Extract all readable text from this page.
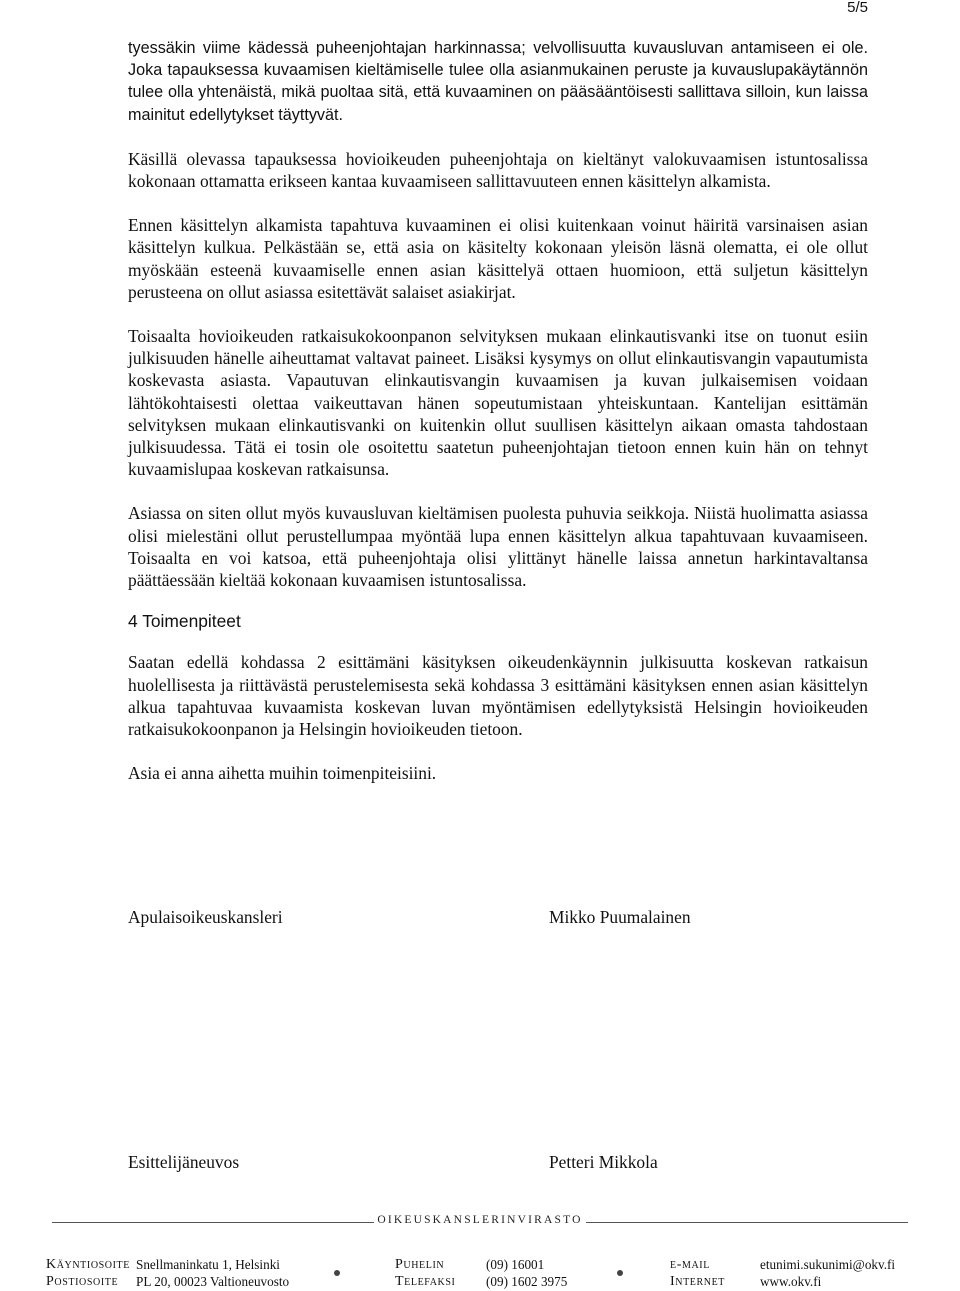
5/5

tyessäkin viime kädessä puheenjohtajan harkinnassa; velvollisuutta kuvausluvan antamiseen ei ole. Joka tapauksessa kuvaamisen kieltämiselle tulee olla asianmukainen peruste ja kuvauslupakäytännön tulee olla yhtenäistä, mikä puoltaa sitä, että kuvaaminen on pääsääntöisesti sallittava silloin, kun laissa mainitut edellytykset täyttyvät.

Käsillä olevassa tapauksessa hovioikeuden puheenjohtaja on kieltänyt valokuvaamisen istuntosalissa kokonaan ottamatta erikseen kantaa kuvaamiseen sallittavuuteen ennen käsittelyn alkamista.

Ennen käsittelyn alkamista tapahtuva kuvaaminen ei olisi kuitenkaan voinut häiritä varsinaisen asian käsittelyn kulkua. Pelkästään se, että asia on käsitelty kokonaan yleisön läsnä olematta, ei ole ollut myöskään esteenä kuvaamiselle ennen asian käsittelyä ottaen huomioon, että suljetun käsittelyn perusteena on ollut asiassa esitettävät salaiset asiakirjat.

Toisaalta hovioikeuden ratkaisukokoonpanon selvityksen mukaan elinkautisvanki itse on tuonut esiin julkisuuden hänelle aiheuttamat valtavat paineet. Lisäksi kysymys on ollut elinkautisvangin vapautumista koskevasta asiasta. Vapautuvan elinkautisvangin kuvaamisen ja kuvan julkaisemisen voidaan lähtökohtaisesti olettaa vaikeuttavan hänen sopeutumistaan yhteiskuntaan. Kantelijan esittämän selvityksen mukaan elinkautisvanki on kuitenkin ollut suullisen käsittelyn aikaan omasta tahdostaan julkisuudessa. Tätä ei tosin ole osoitettu saatetun puheenjohtajan tietoon ennen kuin hän on tehnyt kuvaamislupaa koskevan ratkaisunsa.

Asiassa on siten ollut myös kuvausluvan kieltämisen puolesta puhuvia seikkoja. Niistä huolimatta asiassa olisi mielestäni ollut perustellumpaa myöntää lupa ennen käsittelyn alkua tapahtuvaan kuvaamiseen. Toisaalta en voi katsoa, että puheenjohtaja olisi ylittänyt hänelle laissa annetun harkintavaltansa päättäessään kieltää kokonaan kuvaamisen istuntosalissa.

4 Toimenpiteet

Saatan edellä kohdassa 2 esittämäni käsityksen oikeudenkäynnin julkisuutta koskevan ratkaisun huolellisesta ja riittävästä perustelemisesta sekä kohdassa 3 esittämäni käsityksen ennen asian käsittelyn alkua tapahtuvaa kuvaamista koskevan luvan myöntämisen edellytyksistä Helsingin hovioikeuden ratkaisukokoonpanon ja Helsingin hovioikeuden tietoon.

Asia ei anna aihetta muihin toimenpiteisiini.

Apulaisoikeuskansleri	Mikko Puumalainen
Esittelijäneuvos	Petteri Mikkola
OIKEUSKANSLERINVIRASTO
Käyntiosoite Snellmaninkatu 1, Helsinki	Puhelin	(09) 16001	e-mail	etunimi.sukunimi@okv.fi
Postiosoite PL 20, 00023 Valtioneuvosto	Telefaksi (09) 1602 3975	Internet	www.okv.fi
